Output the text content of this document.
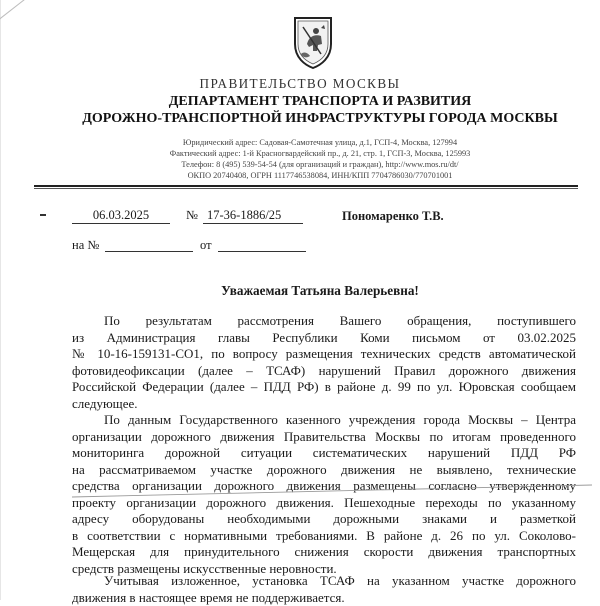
ПРАВИТЕЛЬСТВО МОСКВЫ
ДЕПАРТАМЕНТ ТРАНСПОРТА И РАЗВИТИЯ
ДОРОЖНО-ТРАНСПОРТНОЙ ИНФРАСТРУКТУРЫ ГОРОДА МОСКВЫ
Юридический адрес: Садовая-Самотечная улица, д.1, ГСП-4, Москва, 127994
Фактический адрес: 1-й Красногвардейский пр., д. 21, стр. 1, ГСП-3, Москва, 125993
Телефон: 8 (495) 539-54-54 (для организаций и граждан), http://www.mos.ru/dt/
ОКПО 20740408, ОГРН 1117746538084, ИНН/КПП 7704786030/770701001
06.03.2025	№ 17-36-1886/25	Пономаренко Т.В.
на №	от
Уважаемая Татьяна Валерьевна!
По результатам рассмотрения Вашего обращения, поступившего
из Администрация главы Республики Коми письмом от 03.02.2025
№ 10-16-159131-СО1, по вопросу размещения технических средств автоматической
фотовидеофиксации (далее – ТСАФ) нарушений Правил дорожного движения
Российской Федерации (далее – ПДД РФ) в районе д. 99 по ул. Юровская сообщаем
следующее.
По данным Государственного казенного учреждения города Москвы – Центра
организации дорожного движения Правительства Москвы по итогам проведенного
мониторинга дорожной ситуации систематических нарушений ПДД РФ
на рассматриваемом участке дорожного движения не выявлено, технические
средства организации дорожного движения размещены согласно утвержденному
проекту организации дорожного движения. Пешеходные переходы по указанному
адресу оборудованы необходимыми дорожными знаками и разметкой
в соответствии с нормативными требованиями. В районе д. 26 по ул. Соколово-
Мещерская для принудительного снижения скорости движения транспортных
средств размещены искусственные неровности.
Учитывая изложенное, установка ТСАФ на указанном участке дорожного
движения в настоящее время не поддерживается.
